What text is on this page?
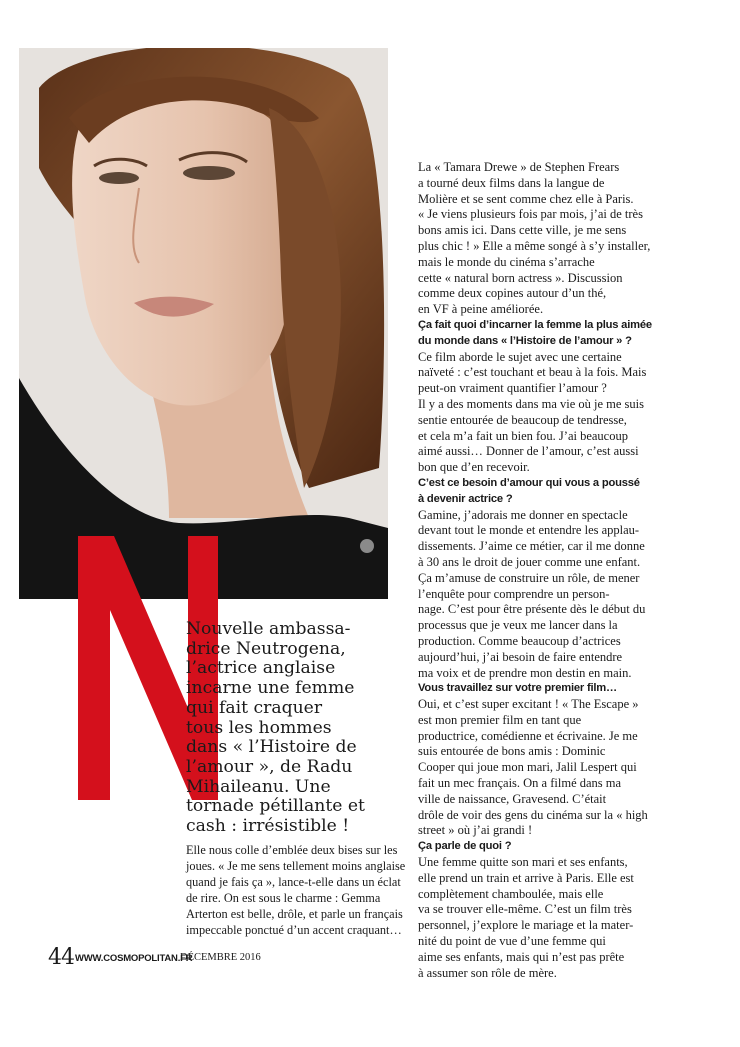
Nouvelle ambassa-
drice Neutrogena,
l’actrice anglaise
incarne une femme
qui fait craquer
tous les hommes
dans « l’Histoire de
l’amour », de Radu
Mihaileanu. Une
tornade pétillante et
cash : irrésistible !
Elle nous colle d’emblée deux bises sur les
joues. « Je me sens tellement moins anglaise
quand je fais ça », lance-t-elle dans un éclat
de rire. On est sous le charme : Gemma
Arterton est belle, drôle, et parle un français
impeccable ponctué d’un accent craquant…
La « Tamara Drewe » de Stephen Frears
a tourné deux films dans la langue de
Molière et se sent comme chez elle à Paris.
« Je viens plusieurs fois par mois, j’ai de très
bons amis ici. Dans cette ville, je me sens
plus chic ! » Elle a même songé à s’y installer,
mais le monde du cinéma s’arrache
cette « natural born actress ». Discussion
comme deux copines autour d’un thé,
en VF à peine améliorée.
Ça fait quoi d’incarner la femme la plus aimée
du monde dans « l’Histoire de l’amour » ?
Ce film aborde le sujet avec une certaine
naïveté : c’est touchant et beau à la fois. Mais
peut-on vraiment quantifier l’amour ?
Il y a des moments dans ma vie où je me suis
sentie entourée de beaucoup de tendresse,
et cela m’a fait un bien fou. J’ai beaucoup
aimé aussi… Donner de l’amour, c’est aussi
bon que d’en recevoir.
C’est ce besoin d’amour qui vous a poussé
à devenir actrice ?
Gamine, j’adorais me donner en spectacle
devant tout le monde et entendre les applau-
dissements. J’aime ce métier, car il me donne
à 30 ans le droit de jouer comme une enfant.
Ça m’amuse de construire un rôle, de mener
l’enquête pour comprendre un person-
nage. C’est pour être présente dès le début du
processus que je veux me lancer dans la
production. Comme beaucoup d’actrices
aujourd’hui, j’ai besoin de faire entendre
ma voix et de prendre mon destin en main.
Vous travaillez sur votre premier film…
Oui, et c’est super excitant ! « The Escape »
est mon premier film en tant que
productrice, comédienne et écrivaine. Je me
suis entourée de bons amis : Dominic
Cooper qui joue mon mari, Jalil Lespert qui
fait un mec français. On a filmé dans ma
ville de naissance, Gravesend. C’était
drôle de voir des gens du cinéma sur la « high
street » où j’ai grandi !
Ça parle de quoi ?
Une femme quitte son mari et ses enfants,
elle prend un train et arrive à Paris. Elle est
complètement chamboulée, mais elle
va se trouver elle-même. C’est un film très
personnel, j’explore le mariage et la mater-
nité du point de vue d’une femme qui
aime ses enfants, mais qui n’est pas prête
à assumer son rôle de mère.
44 WWW.COSMOPOLITAN.FR
DÉCEMBRE 2016
